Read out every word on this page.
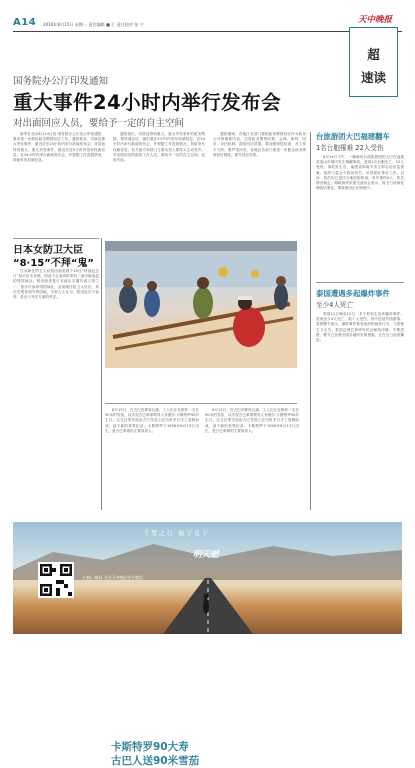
A14 2016年8月15日 星期一 责任编辑 ■ 汇 责任校对 张 宁	天中晚报
超
速读
国务院办公厅印发通知
重大事件24小时内举行发布会
对出面回应人员，要给予一定的自主空间

新华社北京8月14日电 国务院办公厅近日印发通知，要求进一步做好政务舆情回应工作。通知要求，对涉及重大突发事件，最迟应在24小时内举行新闻发布会，对其他特别重大、重大突发事件，最迟应在5小时内发布权威信息，在24小时内举行新闻发布会，并根据工作进展情况，持续发布权威信息。

通知指出，对涉及特别重大、重大突发事件的政务舆情，要快速反应，最迟要在5小时内发布权威信息，在24小时内举行新闻发布会，并根据工作进展情况，持续发布权威信息，有关地方和部门主要负责人要带头主动发声。对出面回应的政府工作人员，要给予一定的自主空间，宽容失误。

通知强调，各地区各部门要把政务舆情回应作为政务公开的重要内容，完善政务舆情收集、会商、研判、回应、评估机制，提高回应效果。要加强督促检查，对工作不力的，要严肃问责。各地区各部门要进一步健全政务舆情回应制度，提升回应效果。

台旅游团大巴福建翻车
1名台胞罹难 22人受伤

8月14日下午，一辆载有台湾旅游团的大巴在福建武夷山市境内发生侧翻事故，造成1名台胞死亡、22人受伤。事故发生后，福建省和南平市立即启动应急预案，组织力量全力救治伤员，妥善做好善后工作。目前，伤员均已送往当地医院救治，其中重伤4人，伤员情况稳定。海峡两岸旅游交流协会表示，将全力协助处理善后事宜，事故原因正在调查中。

泰国遭遇多起爆炸事件
至少4人死亡

泰国11日晚至12日，多个府发生连环爆炸事件，造成至少4人死亡、数十人受伤，其中包括外国游客。泰国警方表示，爆炸事件系有组织的破坏行为，与恐怖主义无关。泰国总理巴育呼吁民众保持冷静，不要恐慌，警方已加强全国各地的安保措施，正在全力追查嫌犯。

日本女防卫大臣
“8·15”不拜“鬼”

日本新任防卫大臣稻田朋美将于15日“终战纪念日”前后出访非洲，因此不会参拜供奉有二战甲级战犯的靖国神社。稻田朋美是日本政坛右翼代表人物之一，曾多次参拜靖国神社，此前就任防卫大臣后，其历史观受到外界质疑。分析人士认为，稻田此次不参拜，是出于外交方面的考虑。

卡斯特罗90大寿
古巴人送90米雪茄

8月13日，在古巴首都哈瓦那，工人们正在制作一支长90米的雪茄，以庆祝古巴革命领导人菲德尔·卡斯特罗90岁生日。这支巨型雪茄由古巴雪茄工匠历时多日手工卷制而成，创下新的世界纪录。卡斯特罗于1926年8月13日出生，是古巴革命的主要领导人。

8月13日，在古巴首都哈瓦那，工人们正在制作一支长90米的雪茄，以庆祝古巴革命领导人菲德尔·卡斯特罗90岁生日。这支巨型雪茄由古巴雪茄工匠历时多日手工卷制而成，创下新的世界纪录。卡斯特罗于1926年8月13日出生，是古巴革命的主要领导人。

千里之行 始于足下
明天吧
扫描二维码 关注天中晚报官方微信
